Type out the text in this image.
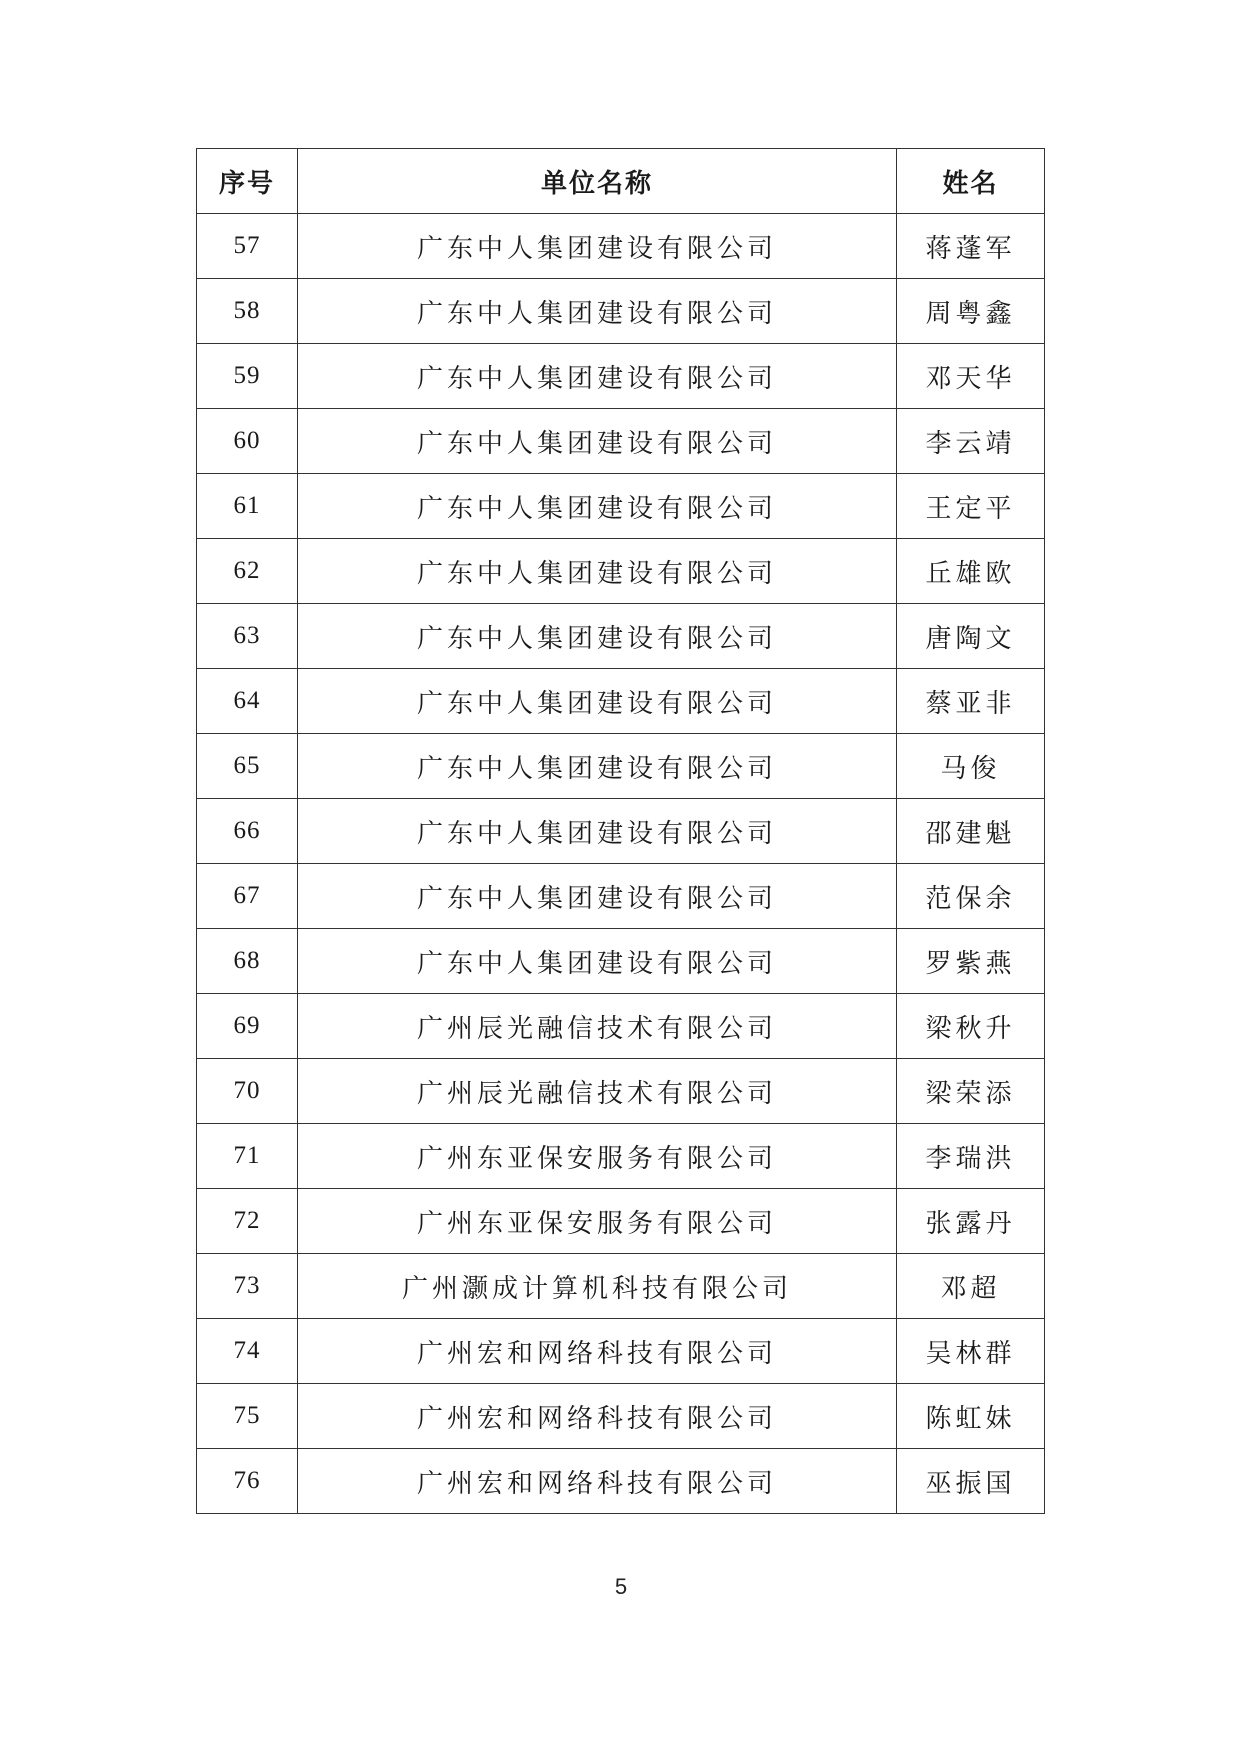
序号	单位名称	姓名
57	广东中人集团建设有限公司	蒋蓬军
58	广东中人集团建设有限公司	周粤鑫
59	广东中人集团建设有限公司	邓天华
60	广东中人集团建设有限公司	李云靖
61	广东中人集团建设有限公司	王定平
62	广东中人集团建设有限公司	丘雄欧
63	广东中人集团建设有限公司	唐陶文
64	广东中人集团建设有限公司	蔡亚非
65	广东中人集团建设有限公司	马俊
66	广东中人集团建设有限公司	邵建魁
67	广东中人集团建设有限公司	范保余
68	广东中人集团建设有限公司	罗紫燕
69	广州辰光融信技术有限公司	梁秋升
70	广州辰光融信技术有限公司	梁荣添
71	广州东亚保安服务有限公司	李瑞洪
72	广州东亚保安服务有限公司	张露丹
73	广州灏成计算机科技有限公司	邓超
74	广州宏和网络科技有限公司	吴林群
75	广州宏和网络科技有限公司	陈虹妹
76	广州宏和网络科技有限公司	巫振国
5
